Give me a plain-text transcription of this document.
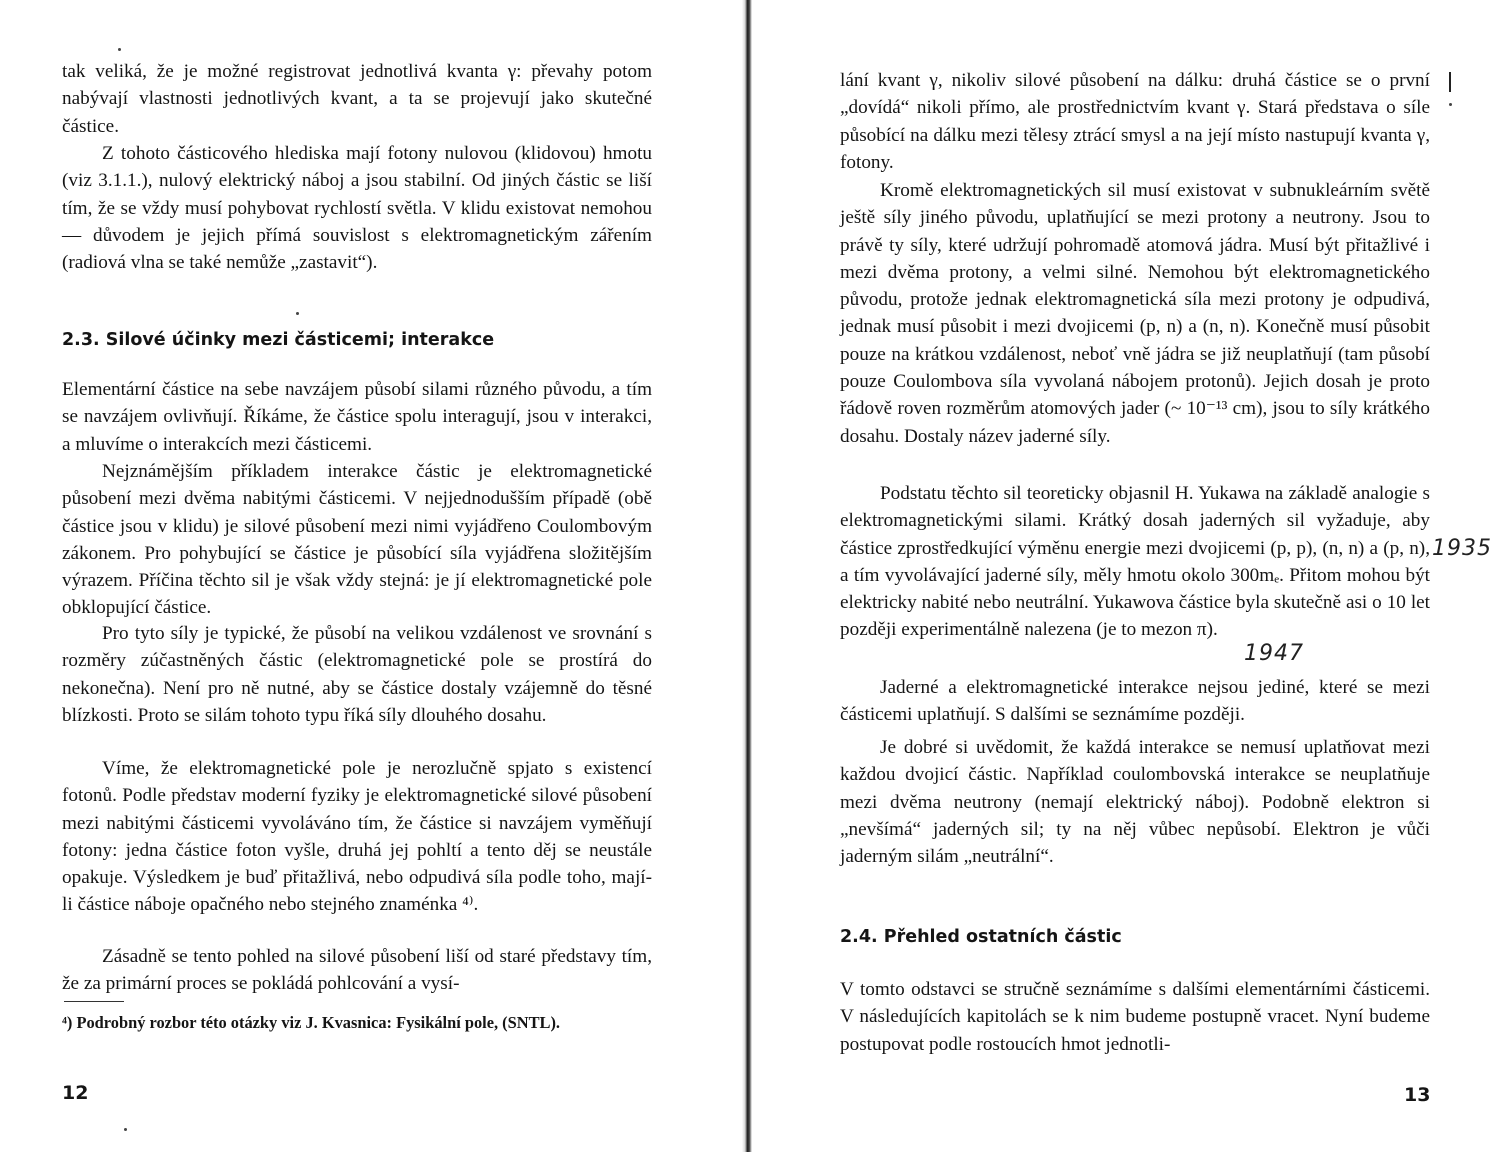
tak veliká, že je možné registrovat jednotlivá kvanta γ: převahy potom nabývají vlastnosti jednotlivých kvant, a ta se projevují jako skutečné částice.

Z tohoto částicového hlediska mají fotony nulovou (klidovou) hmotu (viz 3.1.1.), nulový elektrický náboj a jsou stabilní. Od jiných částic se liší tím, že se vždy musí pohybovat rychlostí světla. V klidu existovat nemohou — důvodem je jejich přímá souvislost s elektromagnetickým zářením (radiová vlna se také nemůže „zastavit“).

2.3. Silové účinky mezi částicemi; interakce

Elementární částice na sebe navzájem působí silami různého původu, a tím se navzájem ovlivňují. Říkáme, že částice spolu interagují, jsou v interakci, a mluvíme o interakcích mezi částicemi.

Nejznámějším příkladem interakce částic je elektromagnetické působení mezi dvěma nabitými částicemi. V nejjednodušším případě (obě částice jsou v klidu) je silové působení mezi nimi vyjádřeno Coulombovým zákonem. Pro pohybující se částice je působící síla vyjádřena složitějším výrazem. Příčina těchto sil je však vždy stejná: je jí elektromagnetické pole obklopující částice.

Pro tyto síly je typické, že působí na velikou vzdálenost ve srovnání s rozměry zúčastněných částic (elektromagnetické pole se prostírá do nekonečna). Není pro ně nutné, aby se částice dostaly vzájemně do těsné blízkosti. Proto se silám tohoto typu říká síly dlouhého dosahu.

Víme, že elektromagnetické pole je nerozlučně spjato s existencí fotonů. Podle představ moderní fyziky je elektromagnetické silové působení mezi nabitými částicemi vyvoláváno tím, že částice si navzájem vyměňují fotony: jedna částice foton vyšle, druhá jej pohltí a tento děj se neustále opakuje. Výsledkem je buď přitažlivá, nebo odpudivá síla podle toho, mají-li částice náboje opačného nebo stejného znaménka ⁴⁾.

Zásadně se tento pohled na silové působení liší od staré představy tím, že za primární proces se pokládá pohlcování a vysí-

⁴) Podrobný rozbor této otázky viz J. Kvasnica: Fysikální pole, (SNTL).

12

lání kvant γ, nikoliv silové působení na dálku: druhá částice se o první „dovídá“ nikoli přímo, ale prostřednictvím kvant γ. Stará představa o síle působící na dálku mezi tělesy ztrácí smysl a na její místo nastupují kvanta γ, fotony.

Kromě elektromagnetických sil musí existovat v subnukleárním světě ještě síly jiného původu, uplatňující se mezi protony a neutrony. Jsou to právě ty síly, které udržují pohromadě atomová jádra. Musí být přitažlivé i mezi dvěma protony, a velmi silné. Nemohou být elektromagnetického původu, protože jednak elektromagnetická síla mezi protony je odpudivá, jednak musí působit i mezi dvojicemi (p, n) a (n, n). Konečně musí působit pouze na krátkou vzdálenost, neboť vně jádra se již neuplatňují (tam působí pouze Coulombova síla vyvolaná nábojem protonů). Jejich dosah je proto řádově roven rozměrům atomových jader (~ 10⁻¹³ cm), jsou to síly krátkého dosahu. Dostaly název jaderné síly.

Podstatu těchto sil teoreticky objasnil H. Yukawa na základě analogie s elektromagnetickými silami. Krátký dosah jaderných sil vyžaduje, aby částice zprostředkující výměnu energie mezi dvojicemi (p, p), (n, n) a (p, n), a tím vyvolávající jaderné síly, měly hmotu okolo 300mₑ. Přitom mohou být elektricky nabité nebo neutrální. Yukawova částice byla skutečně asi o 10 let později experimentálně nalezena (je to mezon π).

Jaderné a elektromagnetické interakce nejsou jediné, které se mezi částicemi uplatňují. S dalšími se seznámíme později.

Je dobré si uvědomit, že každá interakce se nemusí uplatňovat mezi každou dvojicí částic. Například coulombovská interakce se neuplatňuje mezi dvěma neutrony (nemají elektrický náboj). Podobně elektron si „nevšímá“ jaderných sil; ty na něj vůbec nepůsobí. Elektron je vůči jaderným silám „neutrální“.

1935
1947
2.4. Přehled ostatních částic

V tomto odstavci se stručně seznámíme s dalšími elementárními částicemi. V následujících kapitolách se k nim budeme postupně vracet. Nyní budeme postupovat podle rostoucích hmot jednotli-

13
